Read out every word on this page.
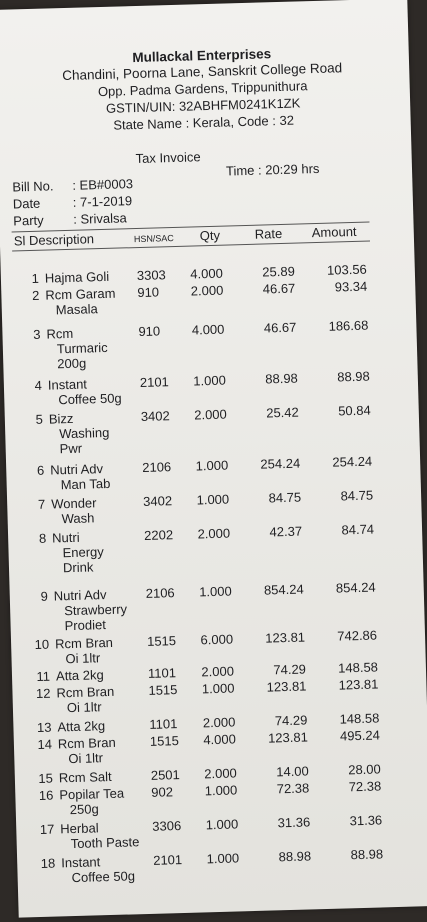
Mullackal Enterprises
Chandini, Poorna Lane, Sanskrit College Road
Opp. Padma Gardens, Trippunithura
GSTIN/UIN: 32ABHFM0241K1ZK
State Name : Kerala, Code : 32
Tax Invoice
Bill No. : EB#0003
Date : 7-1-2019
Party : Srivalsa
Time : 20:29 hrs
Sl Description	HSN/SAC Qty	Rate Amount
1 Hajma Goli	3303	4.000	25.89	103.56
2 Rcm Garam
Masala
910	2.000	46.67	93.34
3 Rcm
Turmaric
200g
910	4.000	46.67	186.68
4 Instant
Coffee 50g
2101	1.000	88.98	88.98
5 Bizz
Washing
Pwr
3402	2.000	25.42	50.84
6 Nutri Adv
Man Tab
2106	1.000	254.24	254.24
7 Wonder
Wash
3402	1.000	84.75	84.75
8 Nutri
Energy
Drink
2202	2.000	42.37	84.74
9 Nutri Adv
Strawberry
Prodiet
2106	1.000	854.24	854.24
10 Rcm Bran
Oi 1ltr
1515	6.000	123.81	742.86
11 Atta 2kg	1101	2.000	74.29	148.58
12 Rcm Bran
Oi 1ltr
1515	1.000	123.81	123.81
13 Atta 2kg	1101	2.000	74.29	148.58
14 Rcm Bran
Oi 1ltr
1515	4.000	123.81	495.24
15 Rcm Salt	2501	2.000	14.00	28.00
16 Popilar Tea
250g
902	1.000	72.38	72.38
17 Herbal
Tooth Paste
3306	1.000	31.36	31.36
18 Instant
Coffee 50g
2101	1.000	88.98	88.98
